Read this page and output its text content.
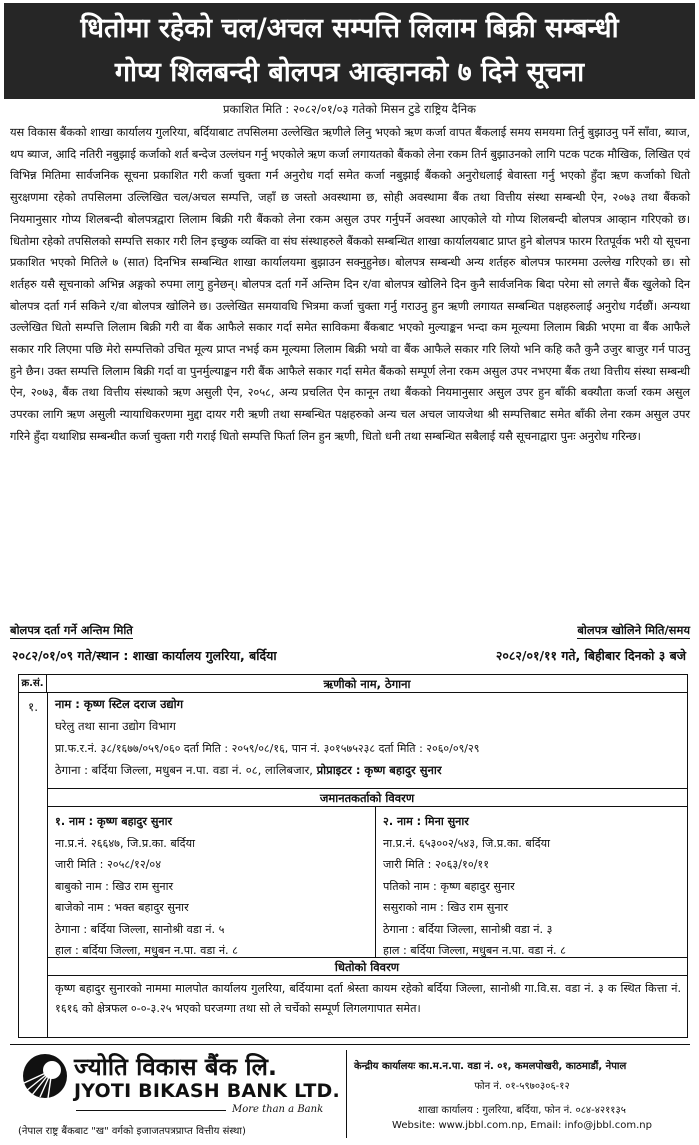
धितोमा रहेको चल/अचल सम्पत्ति लिलाम बिक्री सम्बन्धी
गोप्य शिलबन्दी बोलपत्र आव्हानको ७ दिने सूचना
प्रकाशित मिति : २०८२/०१/०३ गतेको मिसन टुडे राष्ट्रिय दैनिक
यस विकास बैंकको शाखा कार्यालय गुलरिया, बर्दियाबाट तपसिलमा उल्लेखित ऋणीले लिनु भएको ऋण कर्जा वापत बैंकलाई समय समयमा तिर्नु बुझाउनु पर्ने साँवा, ब्याज, थप ब्याज, आदि नतिरी नबुझाई कर्जाको शर्त बन्देज उल्लंघन गर्नु भएकोले ऋण कर्जा लगायतको बैंकको लेना रकम तिर्न बुझाउनको लागि पटक पटक मौखिक, लिखित एवं विभिन्न मितिमा सार्वजनिक सूचना प्रकाशित गरी कर्जा चुक्ता गर्न अनुरोध गर्दा समेत कर्जा नबुझाई बैंकको अनुरोधलाई बेवास्ता गर्नु भएको हुँदा ऋण कर्जाको धितो सुरक्षणमा रहेको तपसिलमा उल्लिखित चल/अचल सम्पत्ति, जहाँ छ जस्तो अवस्थामा छ, सोही अवस्थामा बैंक तथा वित्तीय संस्था सम्बन्धी ऐन, २०७३ तथा बैंकको नियमानुसार गोप्य शिलबन्दी बोलपत्रद्वारा लिलाम बिक्री गरी बैंकको लेना रकम असुल उपर गर्नुपर्ने अवस्था आएकोले यो गोप्य शिलबन्दी बोलपत्र आव्हान गरिएको छ। धितोमा रहेको तपसिलको सम्पत्ति सकार गरी लिन इच्छुक व्यक्ति वा संघ संस्थाहरुले बैंकको सम्बन्धित शाखा कार्यालयबाट प्राप्त हुने बोलपत्र फारम रितपूर्वक भरी यो सूचना प्रकाशित भएको मितिले ७ (सात) दिनभित्र सम्बन्धित शाखा कार्यालयमा बुझाउन सक्नुहुनेछ। बोलपत्र सम्बन्धी अन्य शर्तहरु बोलपत्र फारममा उल्लेख गरिएको छ। सो शर्तहरु यसै सूचनाको अभिन्न अङ्गको रुपमा लागु हुनेछन्। बोलपत्र दर्ता गर्ने अन्तिम दिन र/वा बोलपत्र खोलिने दिन कुनै सार्वजनिक बिदा परेमा सो लगत्ते बैंक खुलेको दिन बोलपत्र दर्ता गर्न सकिने र/वा बोलपत्र खोलिने छ। उल्लेखित समयावधि भित्रमा कर्जा चुक्ता गर्नु गराउनु हुन ऋणी लगायत सम्बन्धित पक्षहरुलाई अनुरोध गर्दछौं। अन्यथा उल्लेखित धितो सम्पत्ति लिलाम बिक्री गरी वा बैंक आफैले सकार गर्दा समेत साविकमा बैंकबाट भएको मुल्याङ्कन भन्दा कम मूल्यमा लिलाम बिक्री भएमा वा बैंक आफैले सकार गरि लिएमा पछि मेरो सम्पत्तिको उचित मूल्य प्राप्त नभई कम मूल्यमा लिलाम बिक्री भयो वा बैंक आफैले सकार गरि लियो भनि कहि कतै कुनै उजुर बाजुर गर्न पाउनु हुने छैन। उक्त सम्पत्ति लिलाम बिक्री गर्दा वा पुनर्मुल्याङ्कन गरी बैंक आफैले सकार गर्दा समेत बैंकको सम्पूर्ण लेना रकम असुल उपर नभएमा बैंक तथा वित्तीय संस्था सम्बन्धी ऐन, २०७३, बैंक तथा वित्तीय संस्थाको ऋण असुली ऐन, २०५८, अन्य प्रचलित ऐन कानून तथा बैंकको नियमानुसार असुल उपर हुन बाँकी बक्यौता कर्जा रकम असुल उपरका लागि ऋण असुली न्यायाधिकरणमा मुद्दा दायर गरी ऋणी तथा सम्बन्धित पक्षहरुको अन्य चल अचल जायजेथा श्री सम्पत्तिबाट समेत बाँकी लेना रकम असुल उपर गरिने हुँदा यथाशिघ्र सम्बन्धीत कर्जा चुक्ता गरी गराई धितो सम्पत्ति फिर्ता लिन हुन ऋणी, धितो धनी तथा सम्बन्धित सबैलाई यसै सूचनाद्वारा पुनः अनुरोध गरिन्छ।
बोलपत्र दर्ता गर्ने अन्तिम मिति	बोलपत्र खोलिने मिति/समय
२०८२/०१/०९ गते/स्थान : शाखा कार्यालय गुलरिया, बर्दिया	२०८२/०१/११ गते, बिहीबार दिनको ३ बजे
क्र.सं.	ऋणीको नाम, ठेगाना
१.	नाम : कृष्ण स्टिल दराज उद्योग
घरेलु तथा साना उद्योग विभाग
प्रा.फ.र.नं. ३८/१६७७/०५९/०६० दर्ता मिति : २०५९/०८/१६, पान नं. ३०१५७५२३८ दर्ता मिति : २०६०/०९/२९
ठेगाना : बर्दिया जिल्ला, मधुबन न.पा. वडा नं. ०८, लालिबजार, प्रोप्राइटर : कृष्ण बहादुर सुनार
जमानतकर्ताको विवरण
१. नाम : कृष्ण बहादुर सुनार
ना.प्र.नं. २६६४७, जि.प्र.का. बर्दिया
जारी मिति : २०५८/१२/०४
बाबुको नाम : खिउ राम सुनार
बाजेको नाम : भक्त बहादुर सुनार
ठेगाना : बर्दिया जिल्ला, सानोश्री वडा नं. ५
हाल : बर्दिया जिल्ला, मधुबन न.पा. वडा नं. ८
२. नाम : मिना सुनार
ना.प्र.नं. ६५३००२/५४३, जि.प्र.का. बर्दिया
जारी मिति : २०६३/१०/११
पतिको नाम : कृष्ण बहादुर सुनार
ससुराको नाम : खिउ राम सुनार
ठेगाना : बर्दिया जिल्ला, सानोश्री वडा नं. ३
हाल : बर्दिया जिल्ला, मधुबन न.पा. वडा नं. ८
धितोको विवरण
कृष्ण बहादुर सुनारको नाममा मालपोत कार्यालय गुलरिया, बर्दियामा दर्ता श्रेस्ता कायम रहेको बर्दिया जिल्ला, सानोश्री गा.वि.स. वडा नं. ३ क स्थित कित्ता नं. १६१६ को क्षेत्रफल ०-०-३.२५ भएको घरजग्गा तथा सो ले चर्चेको सम्पूर्ण लिगलगापात समेत।
ज्योति विकास बैंक लि.
JYOTI BIKASH BANK LTD.
More than a Bank
(नेपाल राष्ट्र बैंकबाट "ख" वर्गको इजाजतपत्रप्राप्त वित्तीय संस्था)
केन्द्रीय कार्यालयः का.म.न.पा. वडा नं. ०१, कमलपोखरी, काठमाडौं, नेपाल
फोन नं. ०१-५९७०३०६-१२
शाखा कार्यालय : गुलरिया, बर्दिया, फोन नं. ०८४-४२११३५
Website: www.jbbl.com.np, Email: info@jbbl.com.np
